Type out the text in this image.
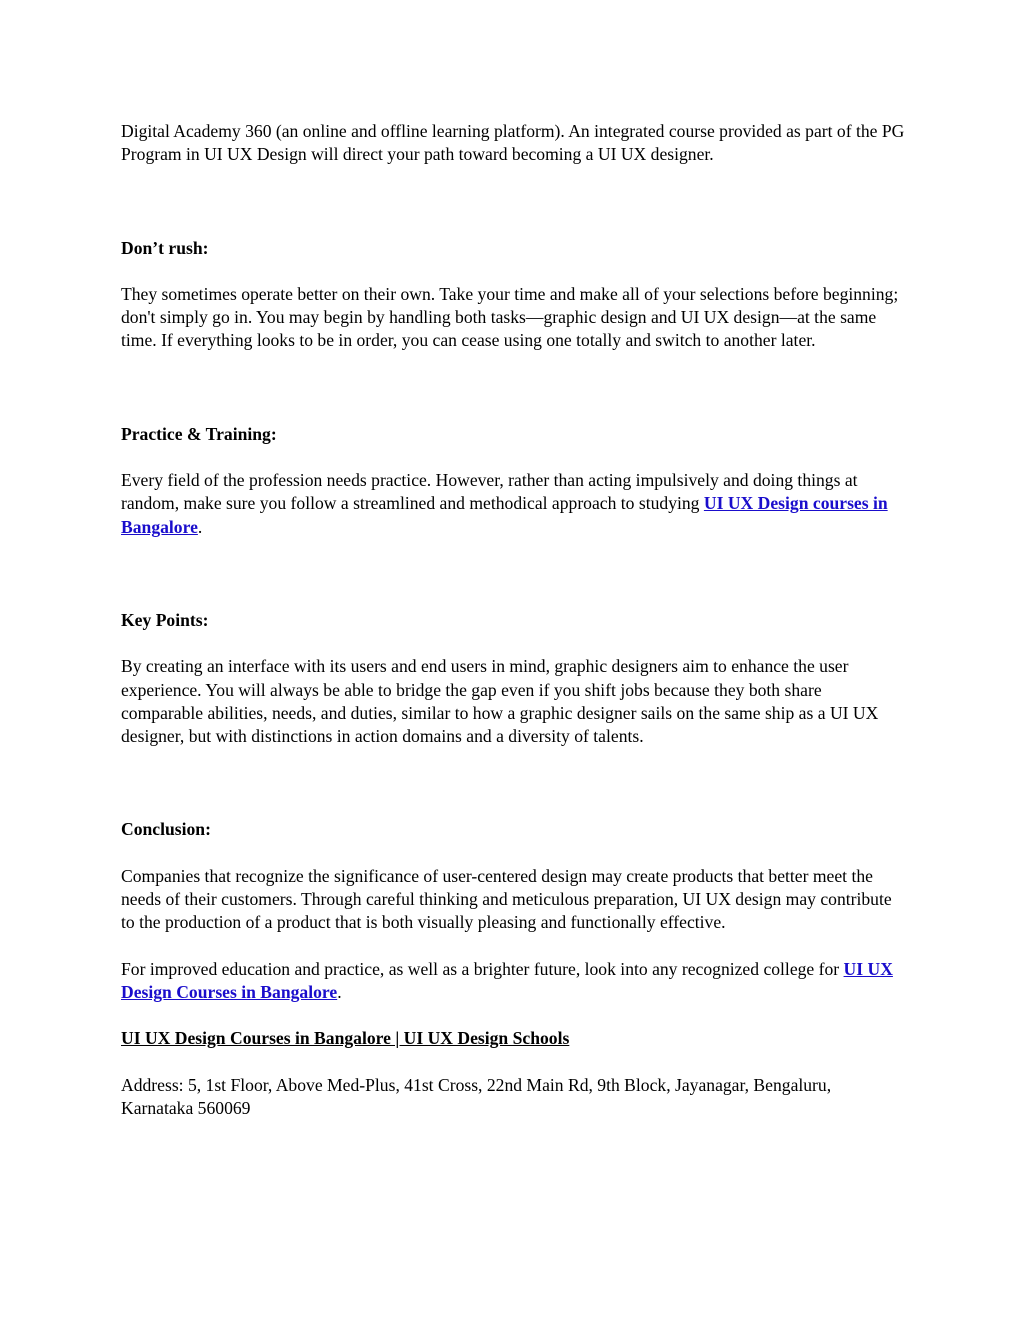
Digital Academy 360 (an online and offline learning platform). An integrated course provided as part of the PG Program in UI UX Design will direct your path toward becoming a UI UX designer.

Don’t rush:

They sometimes operate better on their own. Take your time and make all of your selections before beginning; don't simply go in. You may begin by handling both tasks—graphic design and UI UX design—at the same time. If everything looks to be in order, you can cease using one totally and switch to another later.

Practice & Training:

Every field of the profession needs practice. However, rather than acting impulsively and doing things at random, make sure you follow a streamlined and methodical approach to studying UI UX Design courses in Bangalore.

Key Points:

By creating an interface with its users and end users in mind, graphic designers aim to enhance the user experience. You will always be able to bridge the gap even if you shift jobs because they both share comparable abilities, needs, and duties, similar to how a graphic designer sails on the same ship as a UI UX designer, but with distinctions in action domains and a diversity of talents.

Conclusion:

Companies that recognize the significance of user-centered design may create products that better meet the needs of their customers. Through careful thinking and meticulous preparation, UI UX design may contribute to the production of a product that is both visually pleasing and functionally effective.

For improved education and practice, as well as a brighter future, look into any recognized college for UI UX Design Courses in Bangalore.

UI UX Design Courses in Bangalore | UI UX Design Schools

Address: 5, 1st Floor, Above Med-Plus, 41st Cross, 22nd Main Rd, 9th Block, Jayanagar, Bengaluru, Karnataka 560069
